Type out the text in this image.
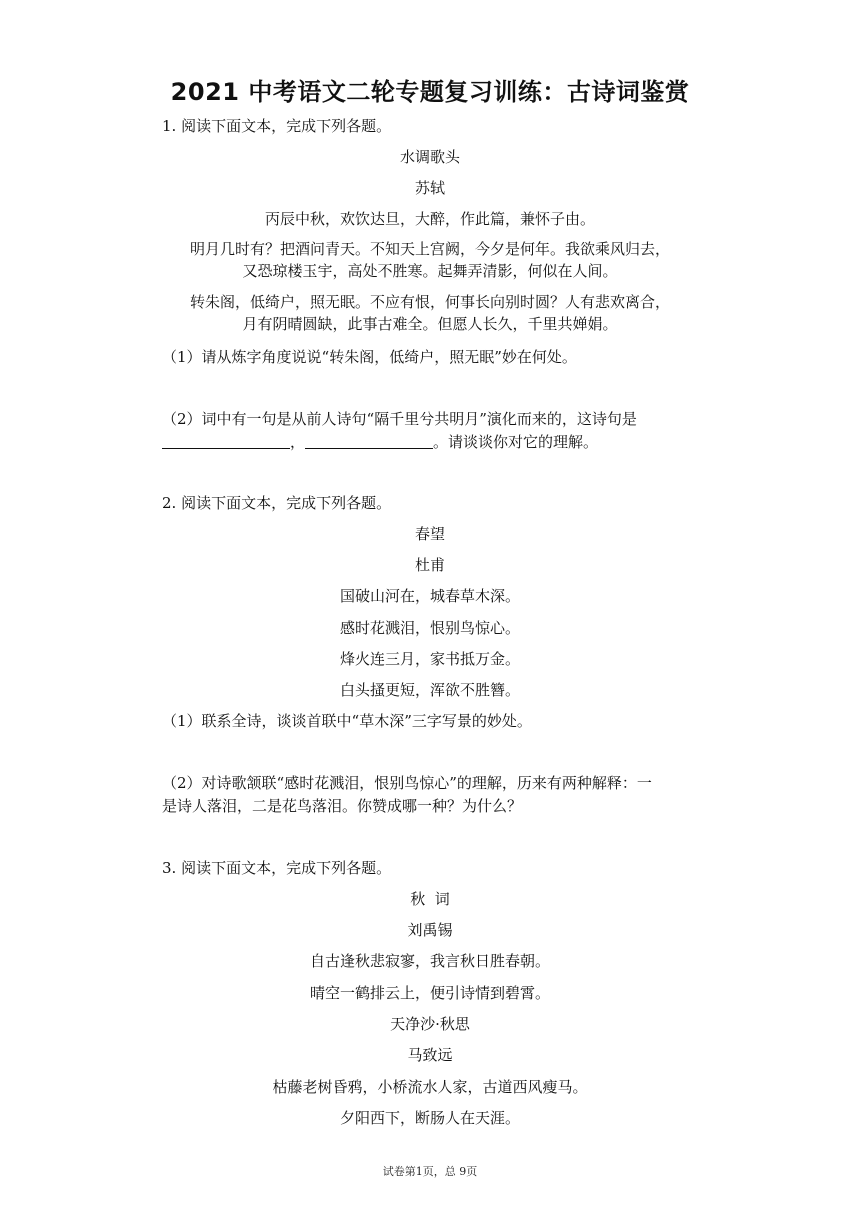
2021 中考语文二轮专题复习训练：古诗词鉴赏
1. 阅读下面文本，完成下列各题。
水调歌头
苏轼
丙辰中秋，欢饮达旦，大醉，作此篇，兼怀子由。
明月几时有？把酒问青天。不知天上宫阙，今夕是何年。我欲乘风归去，
又恐琼楼玉宇，高处不胜寒。起舞弄清影，何似在人间。
转朱阁，低绮户，照无眠。不应有恨，何事长向别时圆？人有悲欢离合，
月有阴晴圆缺，此事古难全。但愿人长久，千里共婵娟。
（1）请从炼字角度说说“转朱阁，低绮户，照无眠”妙在何处。
（2）词中有一句是从前人诗句“隔千里兮共明月”演化而来的，这诗句是
，	。请谈谈你对它的理解。
2. 阅读下面文本，完成下列各题。
春望
杜甫
国破山河在，城春草木深。
感时花溅泪，恨别鸟惊心。
烽火连三月，家书抵万金。
白头搔更短，浑欲不胜簪。
（1）联系全诗，谈谈首联中“草木深”三字写景的妙处。
（2）对诗歌颔联“感时花溅泪，恨别鸟惊心”的理解，历来有两种解释：一
是诗人落泪，二是花鸟落泪。你赞成哪一种？为什么？
3. 阅读下面文本，完成下列各题。
秋  词
刘禹锡
自古逢秋悲寂寥，我言秋日胜春朝。
晴空一鹤排云上，便引诗情到碧霄。
天净沙·秋思
马致远
枯藤老树昏鸦，小桥流水人家，古道西风瘦马。
夕阳西下，断肠人在天涯。
试卷第1页，总 9页
